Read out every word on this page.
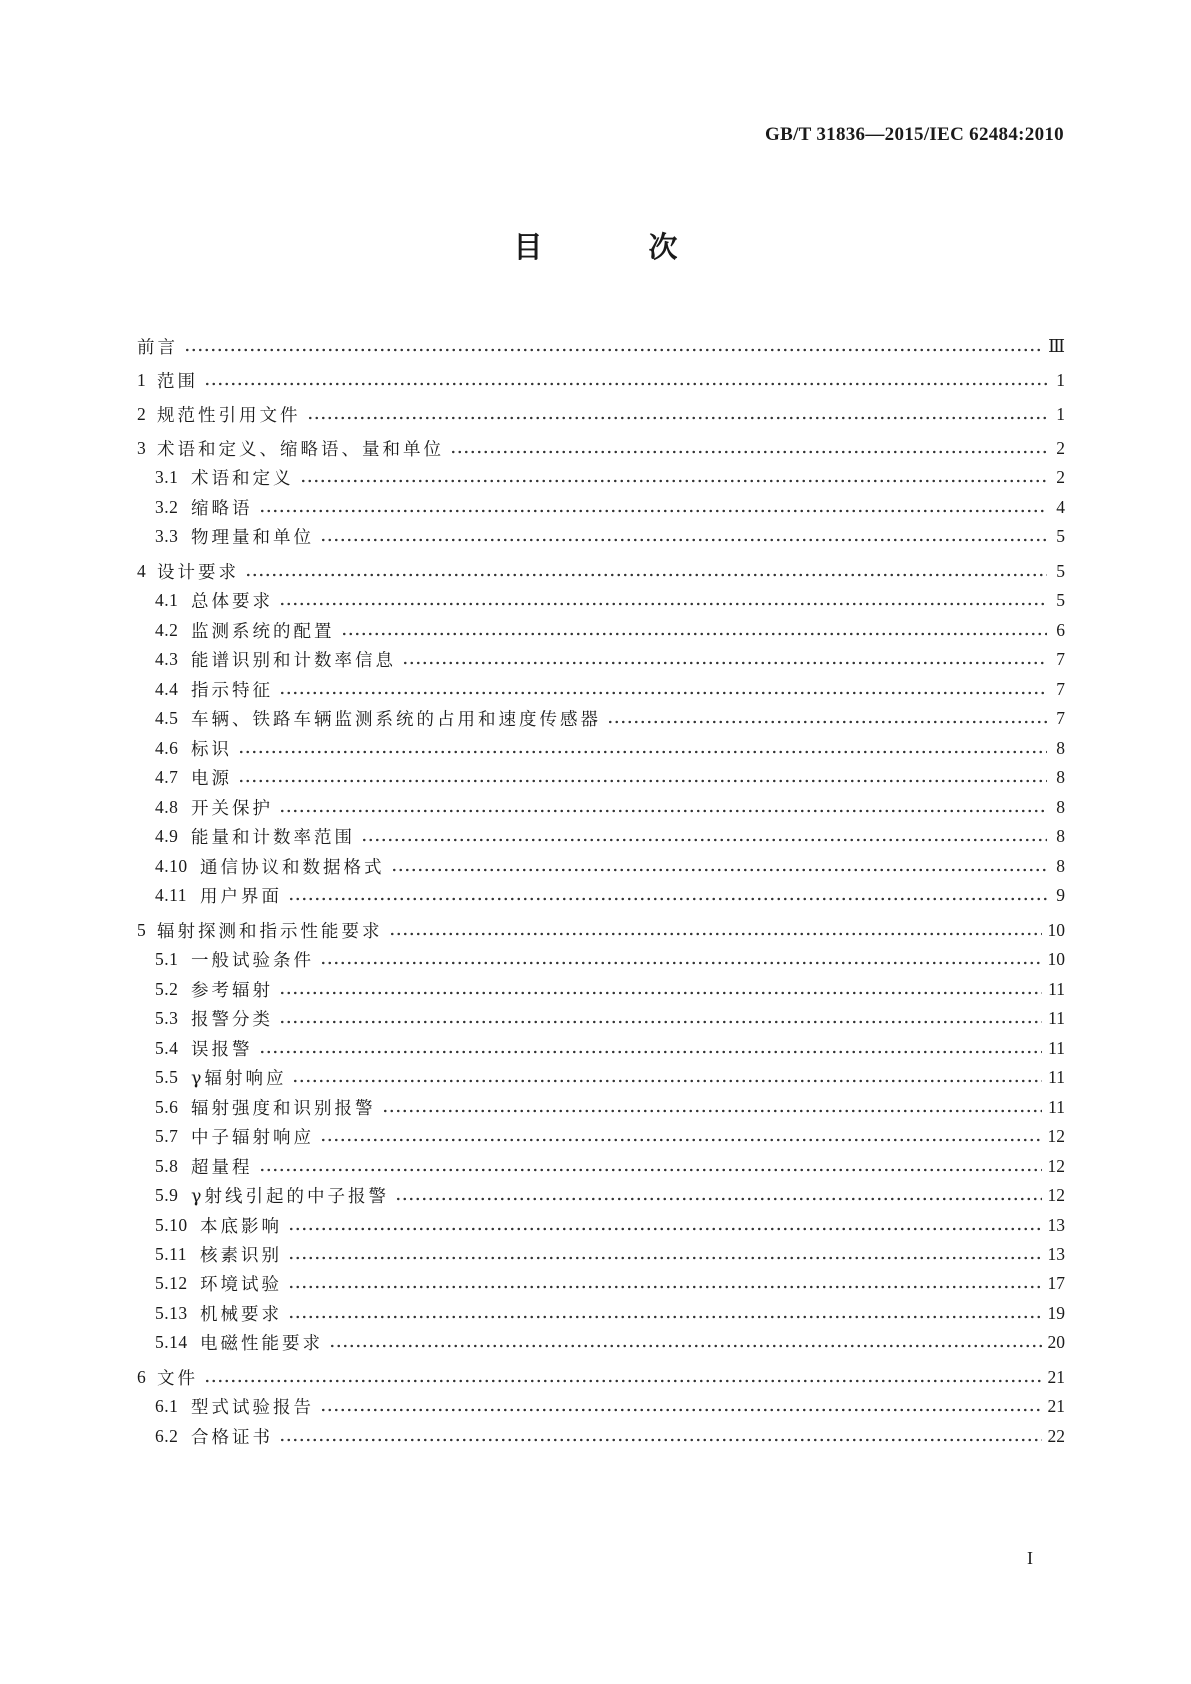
GB/T 31836—2015/IEC 62484:2010
目 次
前言	Ⅲ
1 范围	1
2 规范性引用文件	1
3 术语和定义、缩略语、量和单位	2
3.1 术语和定义	2
3.2 缩略语	4
3.3 物理量和单位	5
4 设计要求	5
4.1 总体要求	5
4.2 监测系统的配置	6
4.3 能谱识别和计数率信息	7
4.4 指示特征	7
4.5 车辆、铁路车辆监测系统的占用和速度传感器	7
4.6 标识	8
4.7 电源	8
4.8 开关保护	8
4.9 能量和计数率范围	8
4.10 通信协议和数据格式	8
4.11 用户界面	9
5 辐射探测和指示性能要求	10
5.1 一般试验条件	10
5.2 参考辐射	11
5.3 报警分类	11
5.4 误报警	11
5.5 γ辐射响应	11
5.6 辐射强度和识别报警	11
5.7 中子辐射响应	12
5.8 超量程	12
5.9 γ射线引起的中子报警	12
5.10 本底影响	13
5.11 核素识别	13
5.12 环境试验	17
5.13 机械要求	19
5.14 电磁性能要求	20
6 文件	21
6.1 型式试验报告	21
6.2 合格证书	22
I
